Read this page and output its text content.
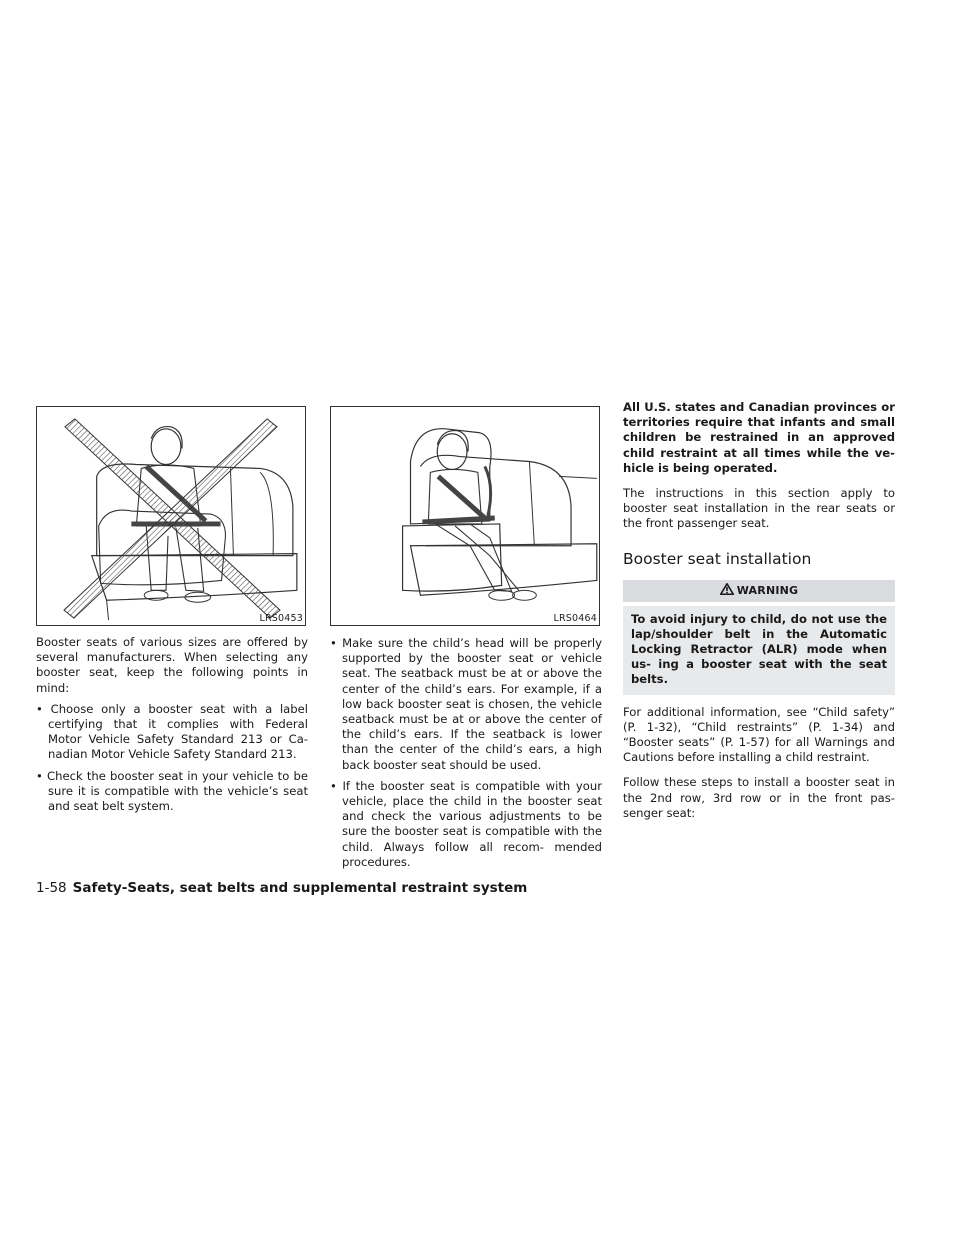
LRS0453

Booster seats of various sizes are offered by several manufacturers. When selecting any booster seat, keep the following points in mind:

• Choose only a booster seat with a label certifying that it complies with Federal Motor Vehicle Safety Standard 213 or Ca- nadian Motor Vehicle Safety Standard 213.
• Check the booster seat in your vehicle to be sure it is compatible with the vehicle’s seat and seat belt system.
LRS0464
• Make sure the child’s head will be properly supported by the booster seat or vehicle seat. The seatback must be at or above the center of the child’s ears. For example, if a low back booster seat is chosen, the vehicle seatback must be at or above the center of the child’s ears. If the seatback is lower than the center of the child’s ears, a high back booster seat should be used.
• If the booster seat is compatible with your vehicle, place the child in the booster seat and check the various adjustments to be sure the booster seat is compatible with the child. Always follow all recom- mended procedures.

All U.S. states and Canadian provinces or territories require that infants and small children be restrained in an approved child restraint at all times while the ve- hicle is being operated.

The instructions in this section apply to booster seat installation in the rear seats or the front passenger seat.

Booster seat installation
WARNING
To avoid injury to child, do not use the lap/shoulder belt in the Automatic Locking Retractor (ALR) mode when us- ing a booster seat with the seat belts.

For additional information, see “Child safety” (P. 1-32), “Child restraints” (P. 1-34) and “Booster seats” (P. 1-57) for all Warnings and Cautions before installing a child restraint.

Follow these steps to install a booster seat in the 2nd row, 3rd row or in the front pas- senger seat:

1-58 Safety-Seats, seat belts and supplemental restraint system
